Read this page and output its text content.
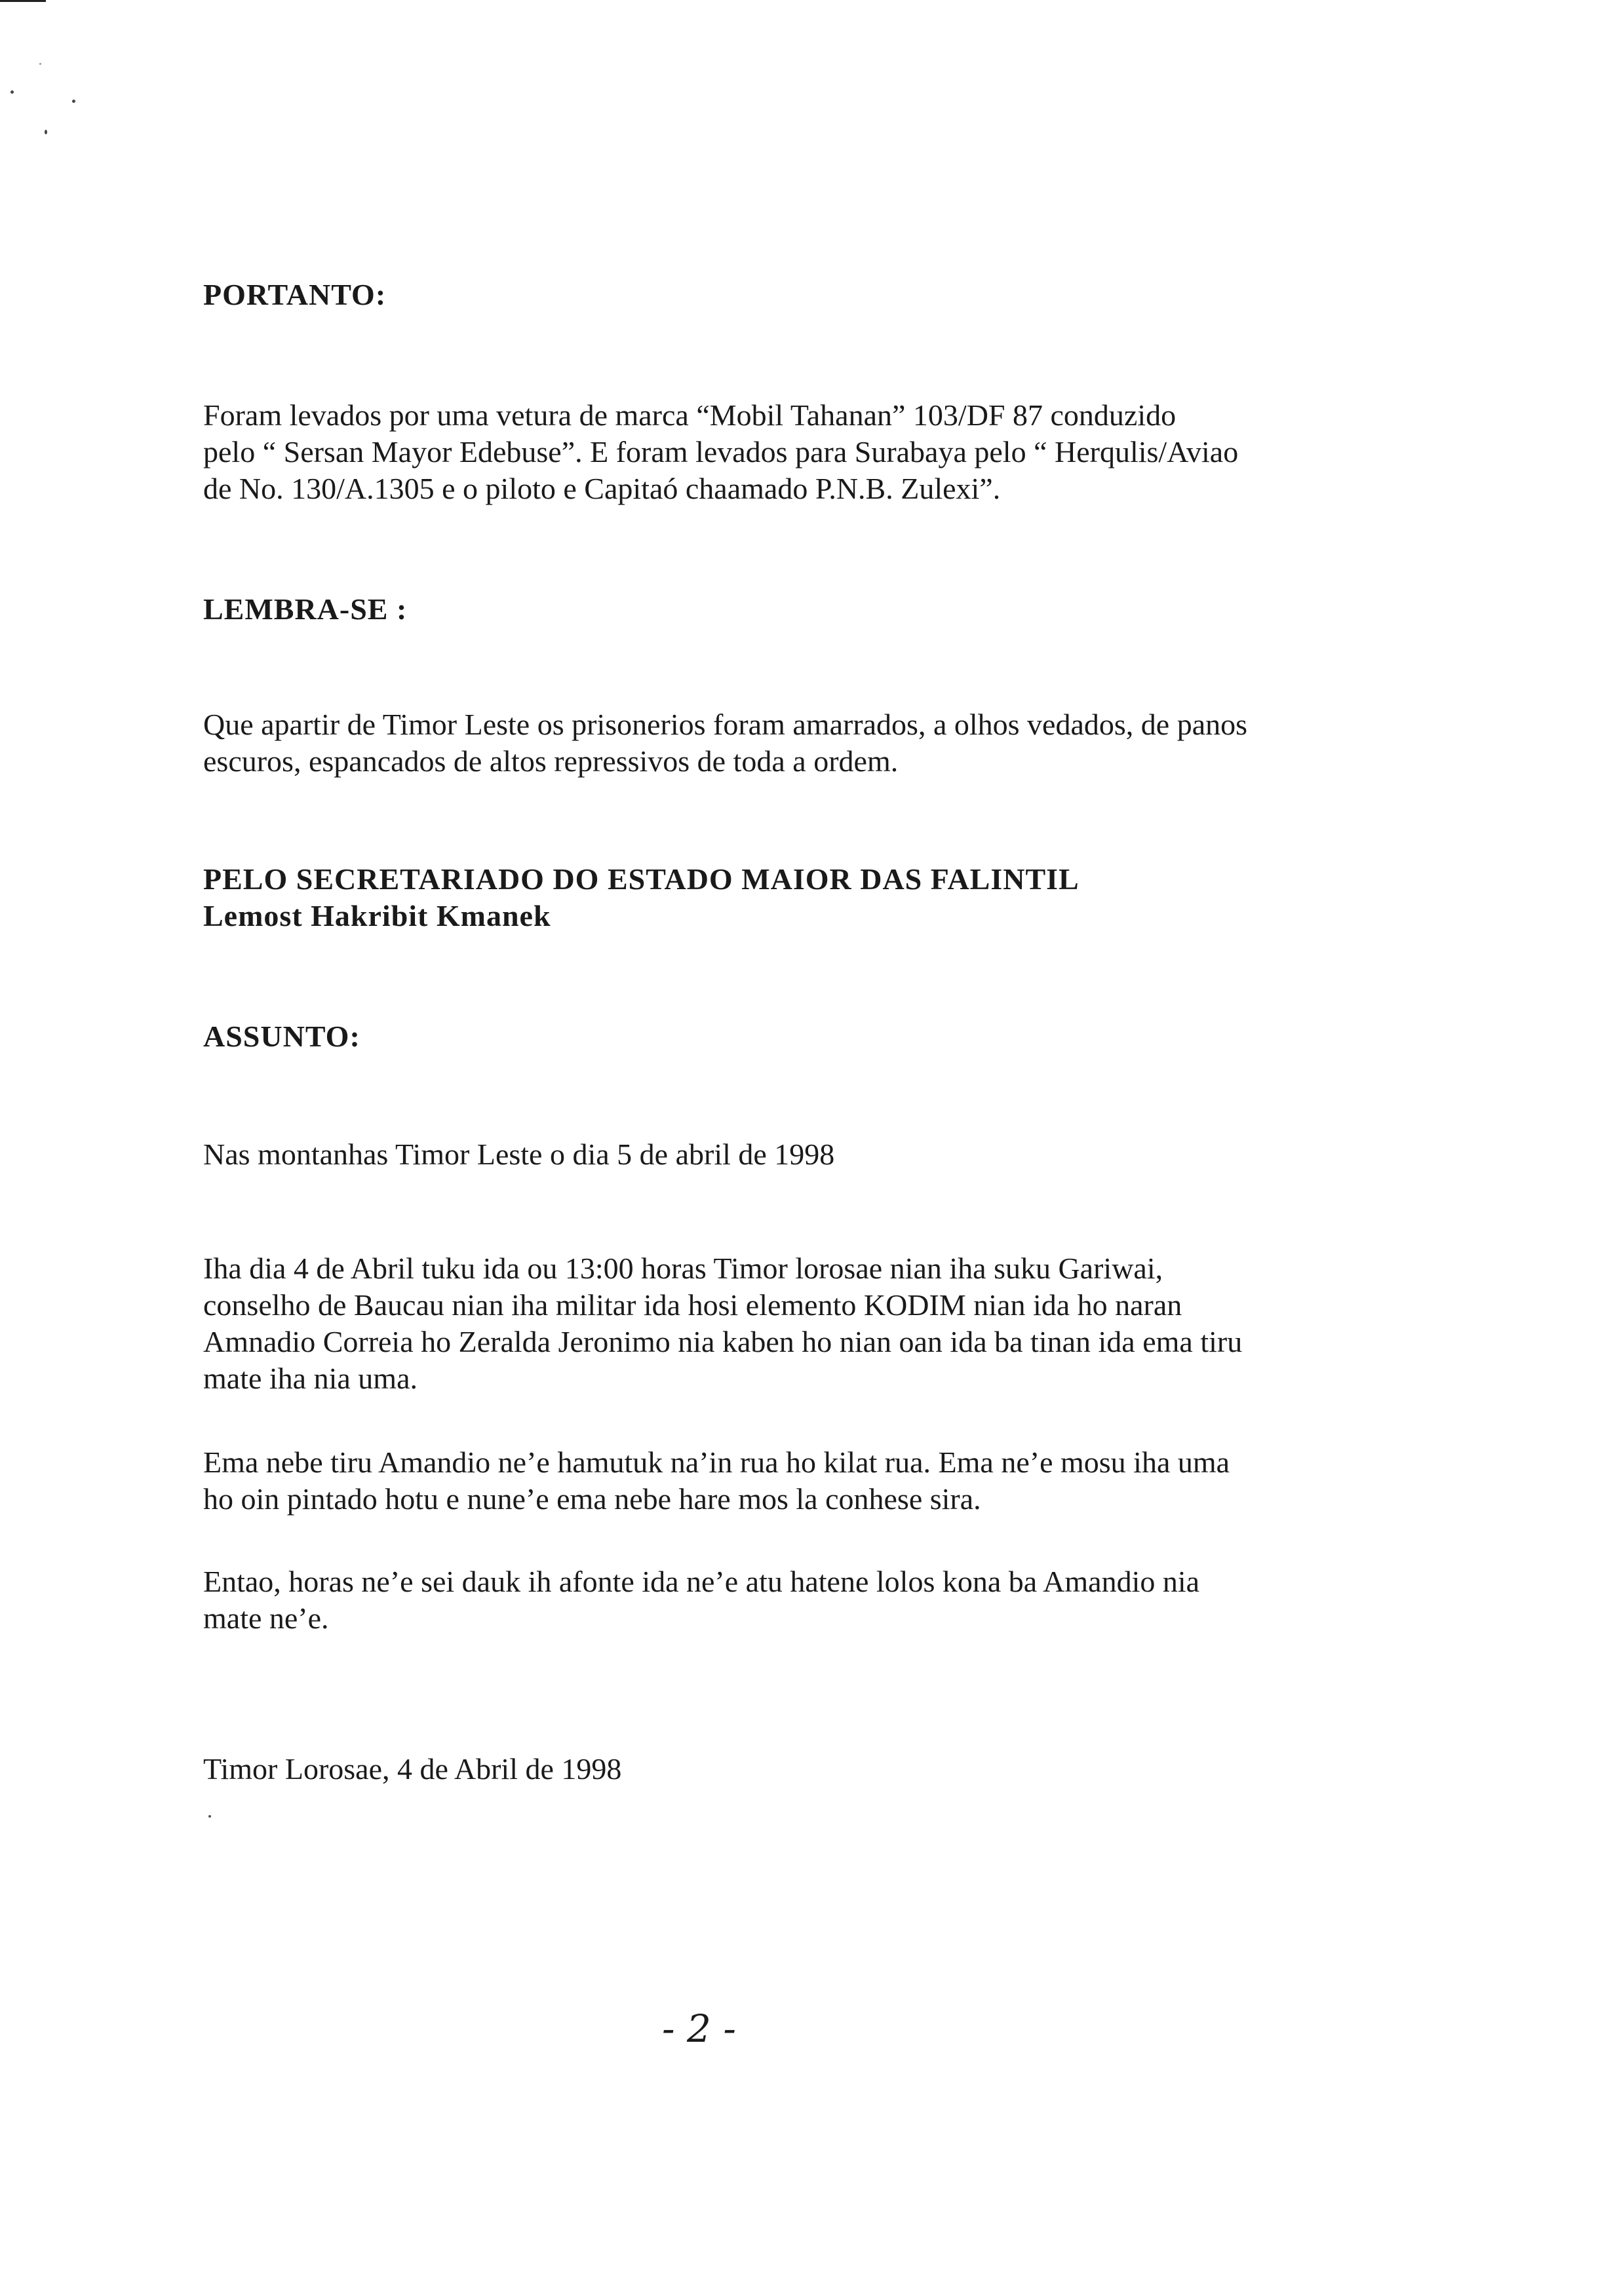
PORTANTO:
Foram levados por uma vetura de marca “Mobil Tahanan” 103/DF 87 conduzido
pelo “ Sersan Mayor Edebuse”. E foram levados para Surabaya pelo “ Herqulis/Aviao
de No. 130/A.1305 e o piloto e Capitaó chaamado P.N.B. Zulexi”.
LEMBRA-SE :
Que apartir de Timor Leste os prisonerios foram amarrados, a olhos vedados, de panos
escuros, espancados de altos repressivos de toda a ordem.
PELO SECRETARIADO DO ESTADO MAIOR DAS FALINTIL
Lemost Hakribit Kmanek
ASSUNTO:
Nas montanhas Timor Leste o dia 5 de abril de 1998
Iha dia 4 de Abril tuku ida ou 13:00 horas Timor lorosae nian iha suku Gariwai,
conselho de Baucau nian iha militar ida hosi elemento KODIM nian ida ho naran
Amnadio Correia ho Zeralda Jeronimo nia kaben ho nian oan ida ba tinan ida ema tiru
mate iha nia uma.
Ema nebe tiru Amandio ne’e hamutuk na’in rua ho kilat rua. Ema ne’e mosu iha uma
ho oin pintado hotu e nune’e ema nebe hare mos la conhese sira.
Entao, horas ne’e sei dauk ih afonte ida ne’e atu hatene lolos kona ba Amandio nia
mate ne’e.
Timor Lorosae, 4 de Abril de 1998
- 2 -
